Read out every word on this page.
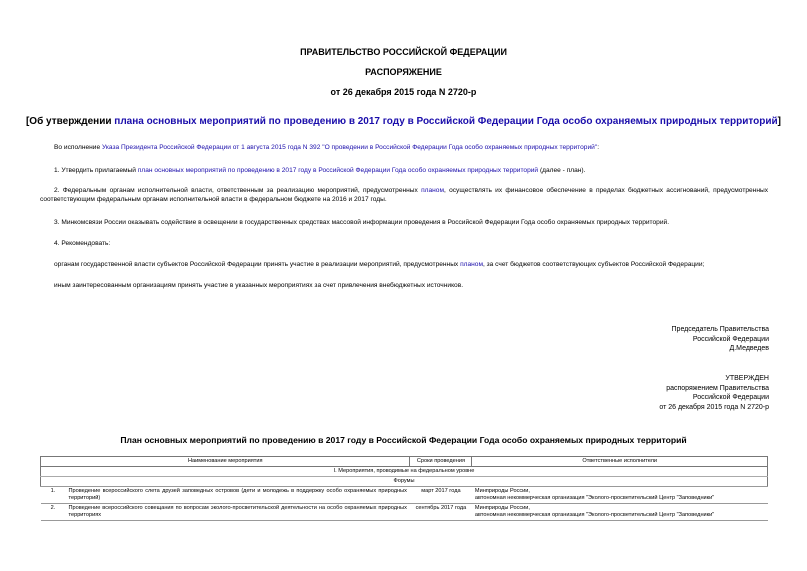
ПРАВИТЕЛЬСТВО РОССИЙСКОЙ ФЕДЕРАЦИИ
РАСПОРЯЖЕНИЕ
от 26 декабря 2015 года N 2720-р
[Об утверждении плана основных мероприятий по проведению в 2017 году в Российской Федерации Года особо охраняемых природных территорий]
Во исполнение Указа Президента Российской Федерации от 1 августа 2015 года N 392 "О проведении в Российской Федерации Года особо охраняемых природных территорий":
1. Утвердить прилагаемый план основных мероприятий по проведению в 2017 году в Российской Федерации Года особо охраняемых природных территорий (далее - план).
2. Федеральным органам исполнительной власти, ответственным за реализацию мероприятий, предусмотренных планом, осуществлять их финансовое обеспечение в пределах бюджетных ассигнований, предусмотренных соответствующим федеральным органам исполнительной власти в федеральном бюджете на 2016 и 2017 годы.
3. Минкомсвязи России оказывать содействие в освещении в государственных средствах массовой информации проведения в Российской Федерации Года особо охраняемых природных территорий.
4. Рекомендовать:
органам государственной власти субъектов Российской Федерации принять участие в реализации мероприятий, предусмотренных планом, за счет бюджетов соответствующих субъектов Российской Федерации;
иным заинтересованным организациям принять участие в указанных мероприятиях за счет привлечения внебюджетных источников.
Председатель Правительства
Российской Федерации
Д.Медведев
УТВЕРЖДЕН
распоряжением Правительства
Российской Федерации
от 26 декабря 2015 года N 2720-р
План основных мероприятий по проведению в 2017 году в Российской Федерации Года особо охраняемых природных территорий
Наименование мероприятия		Сроки проведения	Ответственные исполнители
I. Мероприятия, проводимые на федеральном уровне			
Форумы			
1.	Проведение всероссийского слета друзей заповедных островов (дети и молодежь в поддержку особо охраняемых природных территорий)	март 2017 года	Минприроды России,
автономная некоммерческая организация "Эколого-просветительский Центр "Заповедники"

2.	Проведение всероссийского совещания по вопросам эколого-просветительской деятельности на особо охраняемых природных территориях	сентябрь 2017 года	Минприроды России,
автономная некоммерческая организация "Эколого-просветительский Центр "Заповедники"
